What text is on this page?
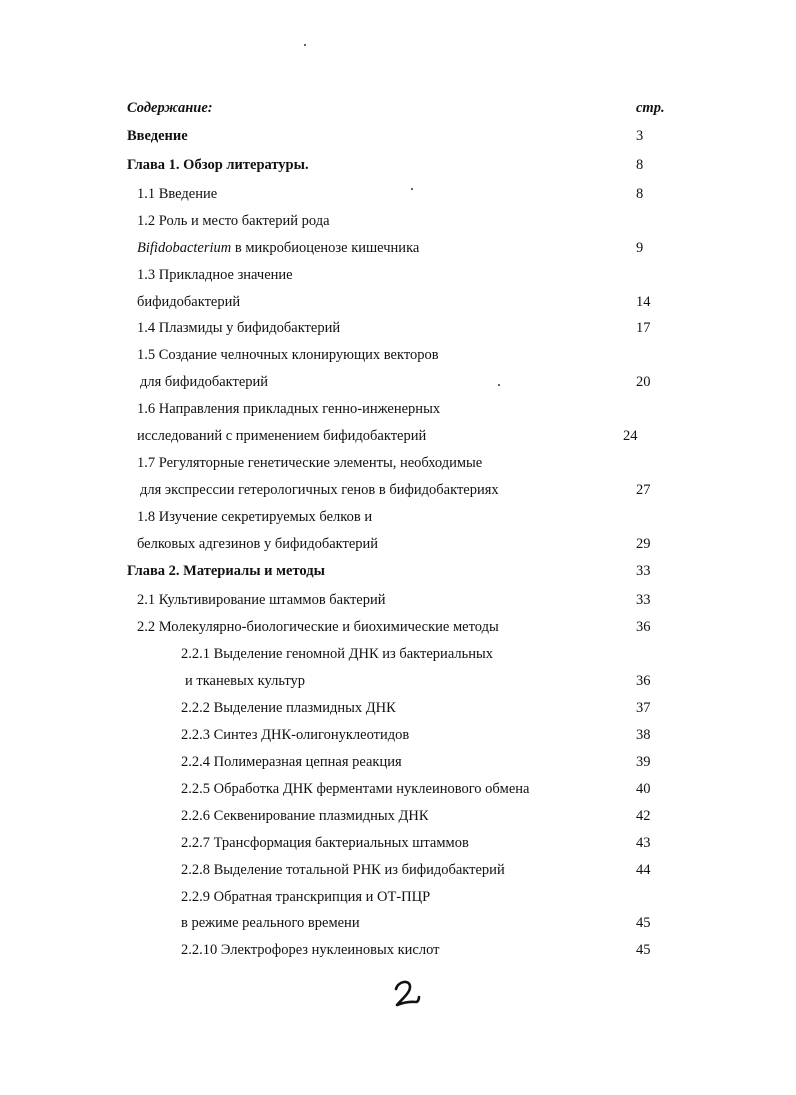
Содержание:	стр.
Введение	3
Глава 1. Обзор литературы.	8
1.1 Введение	8
1.2 Роль и место бактерий рода
Bifidobacterium в микробиоценозе кишечника	9
1.3 Прикладное значение
бифидобактерий	14
1.4 Плазмиды у бифидобактерий	17
1.5 Создание челночных клонирующих векторов
для бифидобактерий	20
1.6 Направления прикладных генно-инженерных
исследований с применением бифидобактерий	24
1.7 Регуляторные генетические элементы, необходимые
для экспрессии гетерологичных генов в бифидобактериях	27
1.8 Изучение секретируемых белков и
белковых адгезинов у бифидобактерий	29
Глава 2. Материалы и методы	33
2.1 Культивирование штаммов бактерий	33
2.2 Молекулярно-биологические и биохимические методы	36
2.2.1 Выделение геномной ДНК из бактериальных
и тканевых культур	36
2.2.2 Выделение плазмидных ДНК	37
2.2.3 Синтез ДНК-олигонуклеотидов	38
2.2.4 Полимеразная цепная реакция	39
2.2.5 Обработка ДНК ферментами нуклеинового обмена	40
2.2.6 Секвенирование плазмидных ДНК	42
2.2.7 Трансформация бактериальных штаммов	43
2.2.8 Выделение тотальной РНК из бифидобактерий	44
2.2.9 Обратная транскрипция и ОТ-ПЦР
в режиме реального времени	45
2.2.10 Электрофорез нуклеиновых кислот	45
